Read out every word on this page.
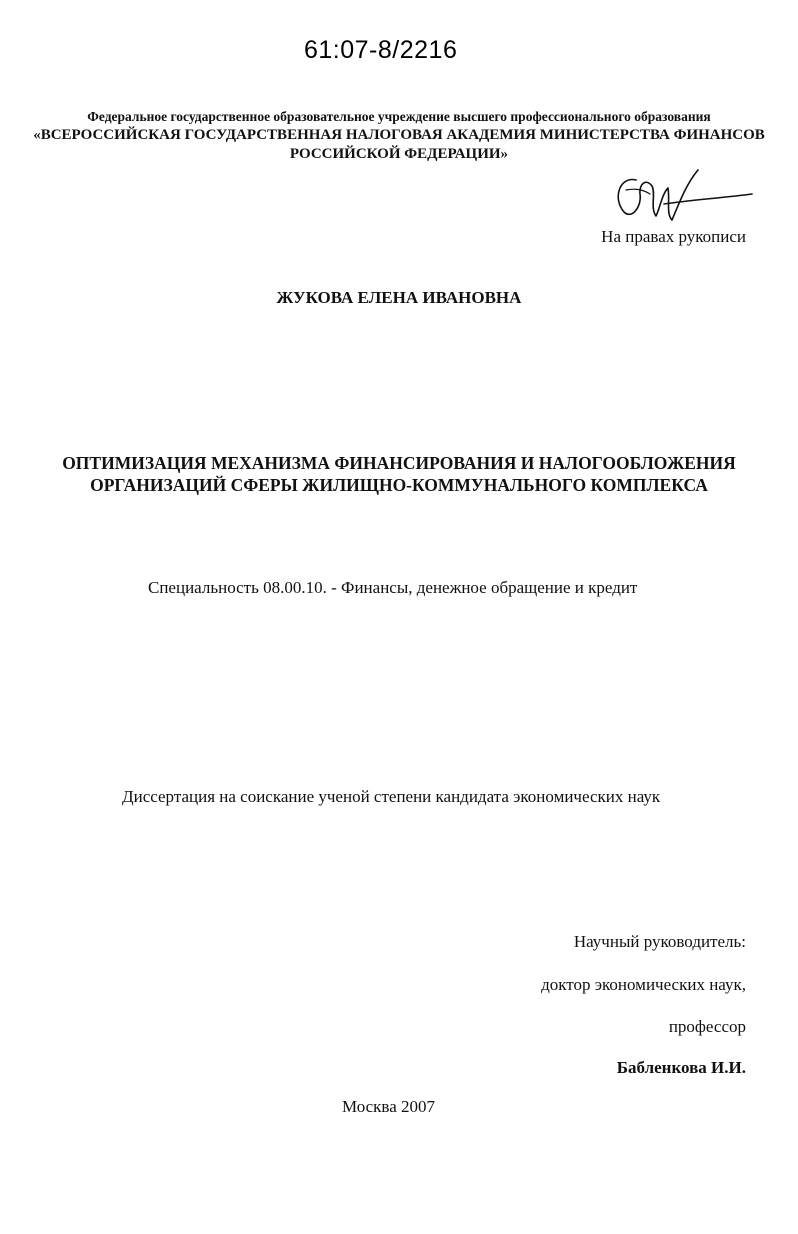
61:07-8/2216

Федеральное государственное образовательное учреждение высшего профессионального образования

«ВСЕРОССИЙСКАЯ ГОСУДАРСТВЕННАЯ НАЛОГОВАЯ АКАДЕМИЯ МИНИСТЕРСТВА ФИНАНСОВ

РОССИЙСКОЙ ФЕДЕРАЦИИ»

На правах рукописи

ЖУКОВА ЕЛЕНА ИВАНОВНА

ОПТИМИЗАЦИЯ МЕХАНИЗМА ФИНАНСИРОВАНИЯ И НАЛОГООБЛОЖЕНИЯ

ОРГАНИЗАЦИЙ СФЕРЫ ЖИЛИЩНО-КОММУНАЛЬНОГО КОМПЛЕКСА

Специальность 08.00.10. - Финансы, денежное обращение и кредит

Диссертация на соискание ученой степени кандидата экономических наук

Научный руководитель:

доктор экономических наук,

профессор

Бабленкова И.И.

Москва 2007
